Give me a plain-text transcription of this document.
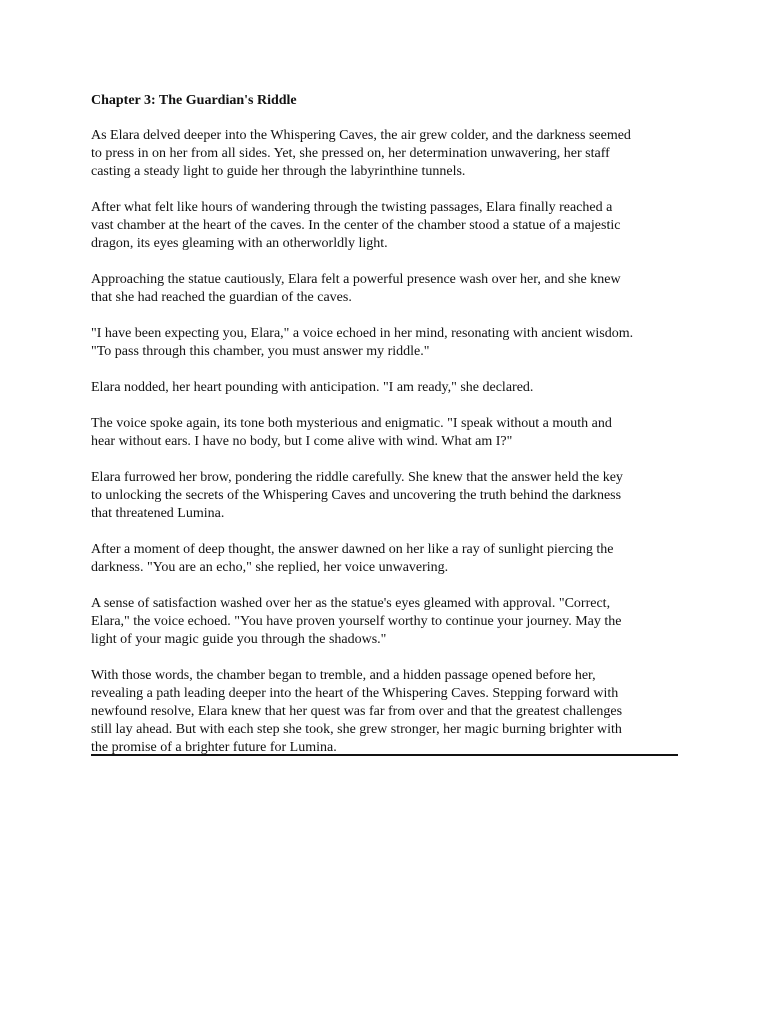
Chapter 3: The Guardian's Riddle
As Elara delved deeper into the Whispering Caves, the air grew colder, and the darkness seemed
to press in on her from all sides. Yet, she pressed on, her determination unwavering, her staff
casting a steady light to guide her through the labyrinthine tunnels.
After what felt like hours of wandering through the twisting passages, Elara finally reached a
vast chamber at the heart of the caves. In the center of the chamber stood a statue of a majestic
dragon, its eyes gleaming with an otherworldly light.
Approaching the statue cautiously, Elara felt a powerful presence wash over her, and she knew
that she had reached the guardian of the caves.
"I have been expecting you, Elara," a voice echoed in her mind, resonating with ancient wisdom.
"To pass through this chamber, you must answer my riddle."
Elara nodded, her heart pounding with anticipation. "I am ready," she declared.
The voice spoke again, its tone both mysterious and enigmatic. "I speak without a mouth and
hear without ears. I have no body, but I come alive with wind. What am I?"
Elara furrowed her brow, pondering the riddle carefully. She knew that the answer held the key
to unlocking the secrets of the Whispering Caves and uncovering the truth behind the darkness
that threatened Lumina.
After a moment of deep thought, the answer dawned on her like a ray of sunlight piercing the
darkness. "You are an echo," she replied, her voice unwavering.
A sense of satisfaction washed over her as the statue's eyes gleamed with approval. "Correct,
Elara," the voice echoed. "You have proven yourself worthy to continue your journey. May the
light of your magic guide you through the shadows."
With those words, the chamber began to tremble, and a hidden passage opened before her,
revealing a path leading deeper into the heart of the Whispering Caves. Stepping forward with
newfound resolve, Elara knew that her quest was far from over and that the greatest challenges
still lay ahead. But with each step she took, she grew stronger, her magic burning brighter with
the promise of a brighter future for Lumina.
